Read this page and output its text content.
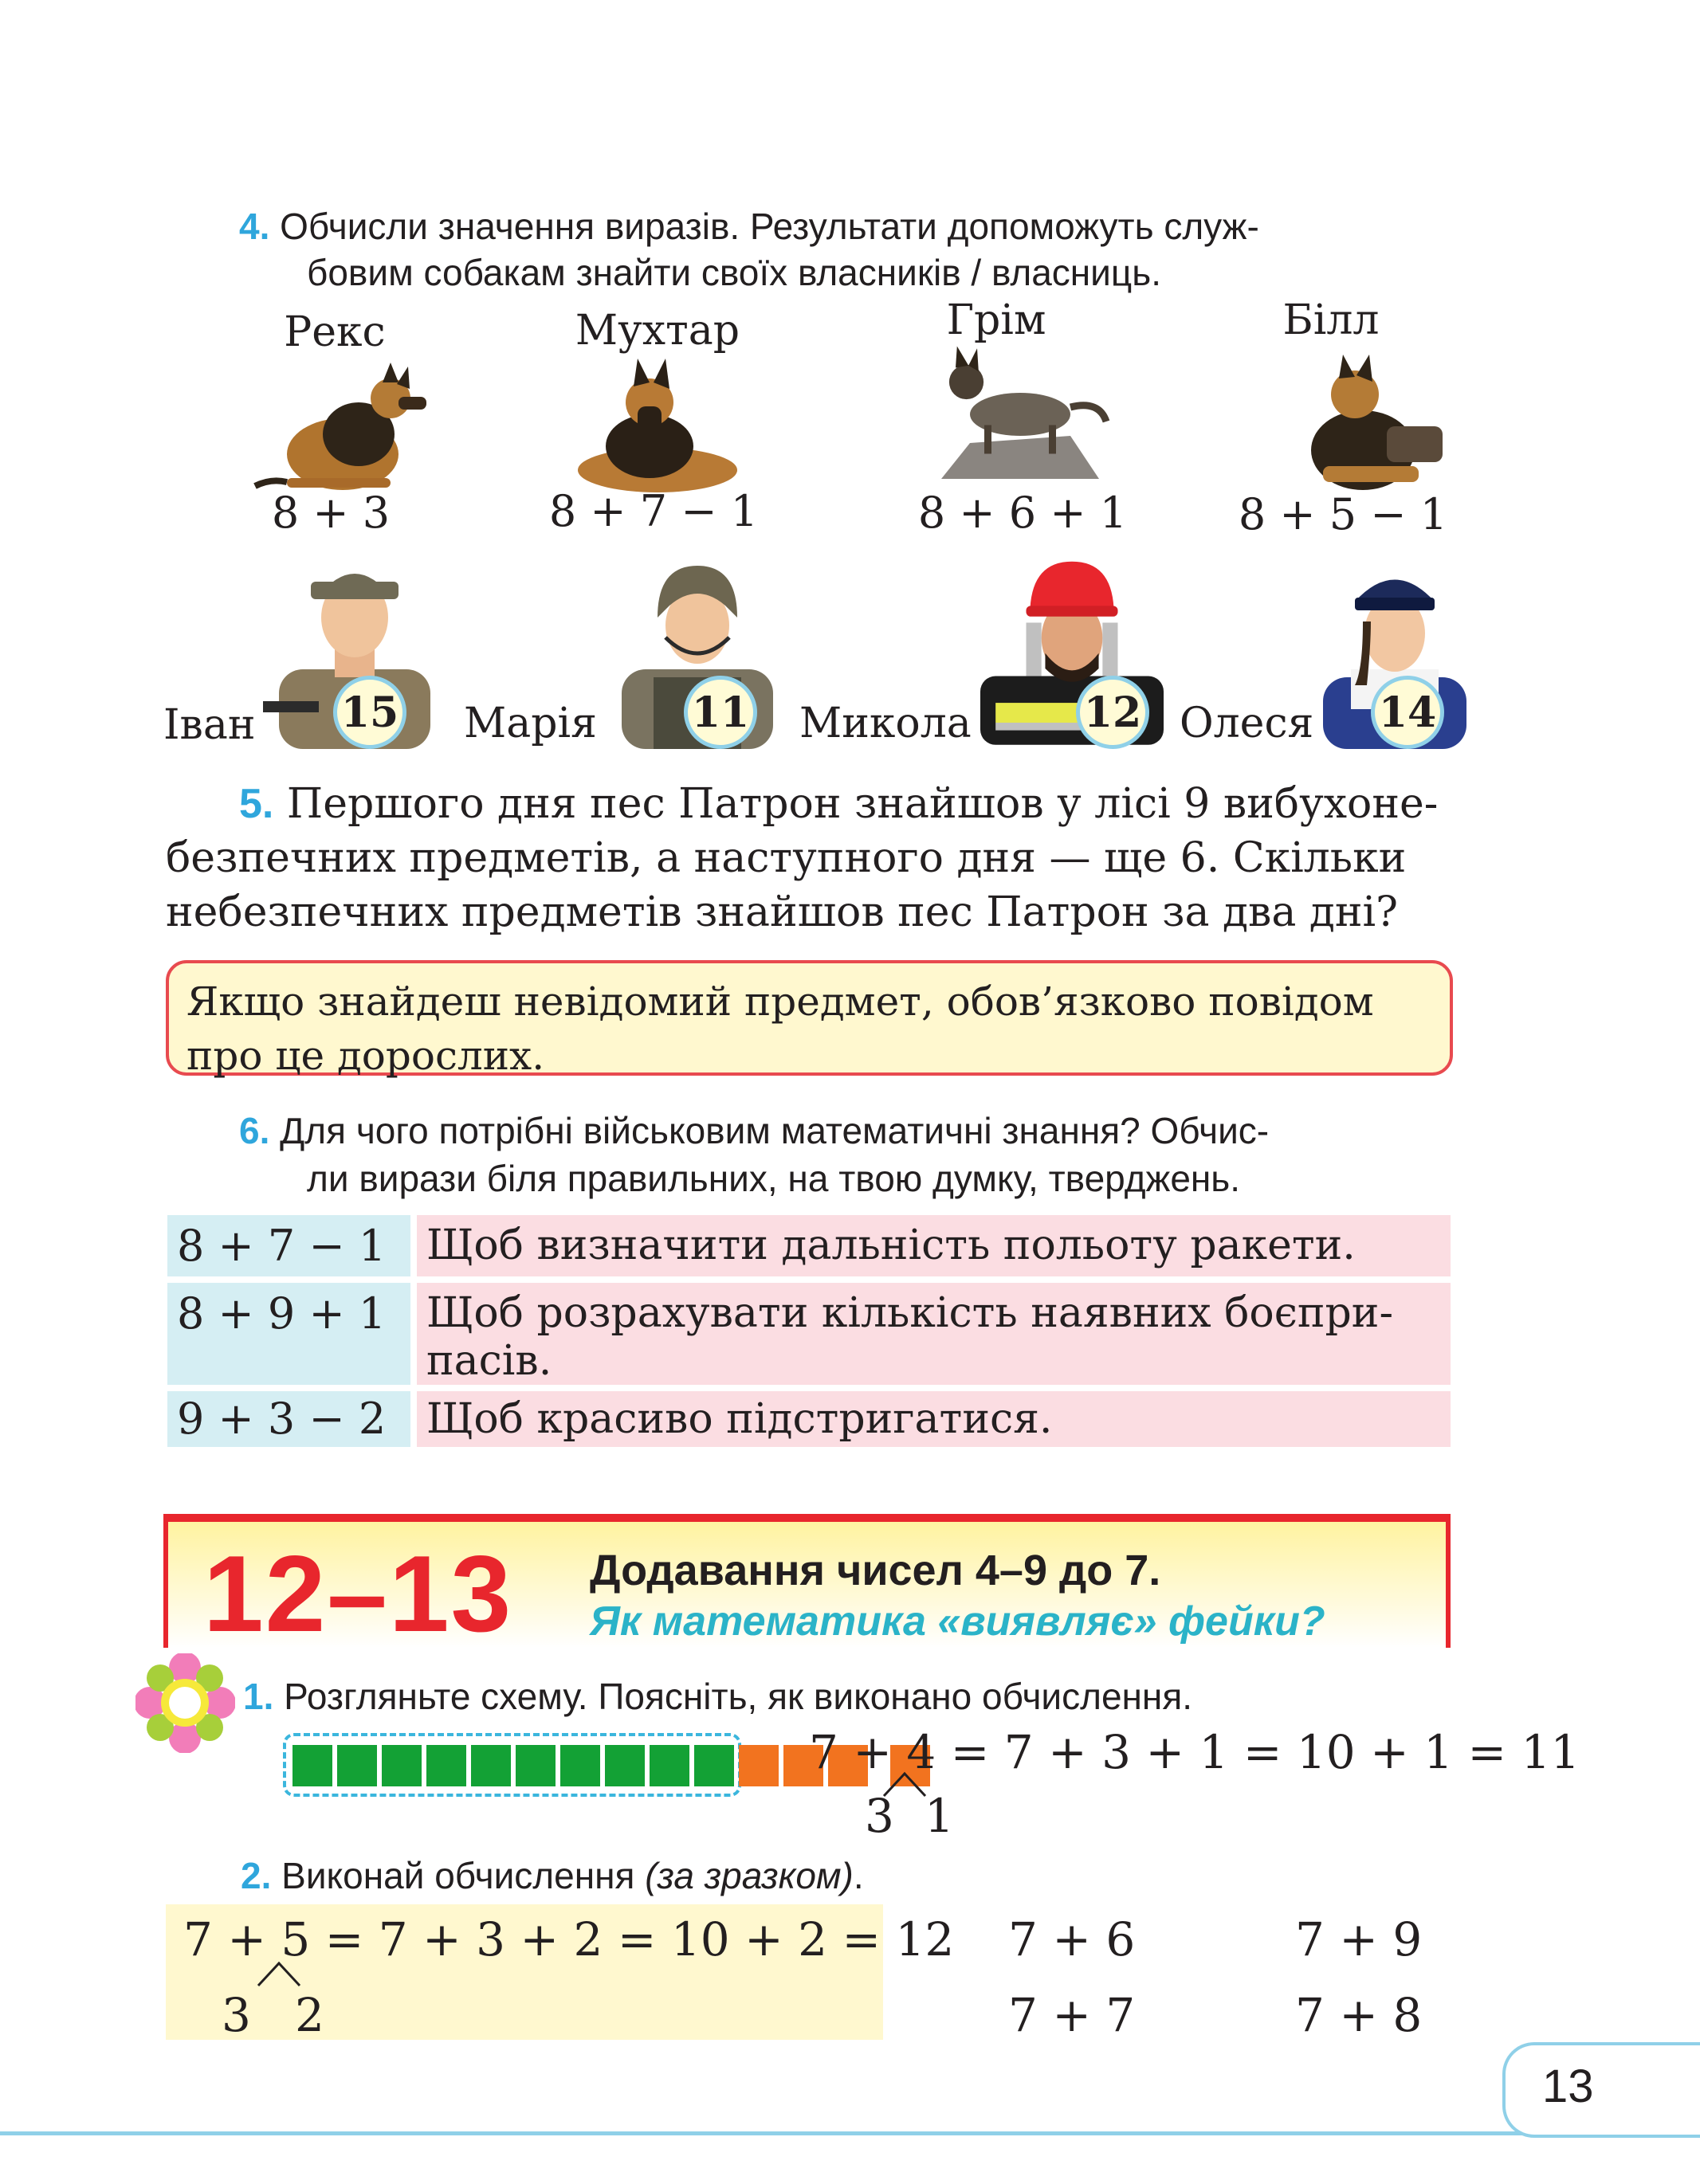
4. Обчисли значення виразів. Результати допоможуть служ-
бовим собакам знайти своїх власників / власниць.
Рекс	Мухтар	Грім	Білл
8 + 3	8 + 7 − 1	8 + 6 + 1	8 + 5 − 1
Іван 15 Марія 11 Микола	12 Олеся 14
5. Першого дня пес Патрон знайшов у лісі 9 вибухоне-
безпечних предметів, а наступного дня — ще 6. Скільки
небезпечних предметів знайшов пес Патрон за два дні?
Якщо знайдеш невідомий предмет, обов’язково повідом
про це дорослих.
6. Для чого потрібні військовим математичні знання? Обчис-
ли вирази біля правильних, на твою думку, тверджень.
8 + 7 − 1 Щоб визначити дальність польоту ракети.
8 + 9 + 1 Щоб розрахувати кількість наявних боєпри-
пасів.
9 + 3 − 2 Щоб красиво підстригатися.
12–13 Додавання чисел 4–9 до 7.
Як математика «виявляє» фейки?
1. Розгляньте схему. Поясніть, як виконано обчислення.
7 + 4 = 7 + 3 + 1 = 10 + 1 = 11
3 1
2. Виконай обчислення (за зразком).
7 + 5 = 7 + 3 + 2 = 10 + 2 = 12
3 2
7 + 6	7 + 9
7 + 7	7 + 8
13
